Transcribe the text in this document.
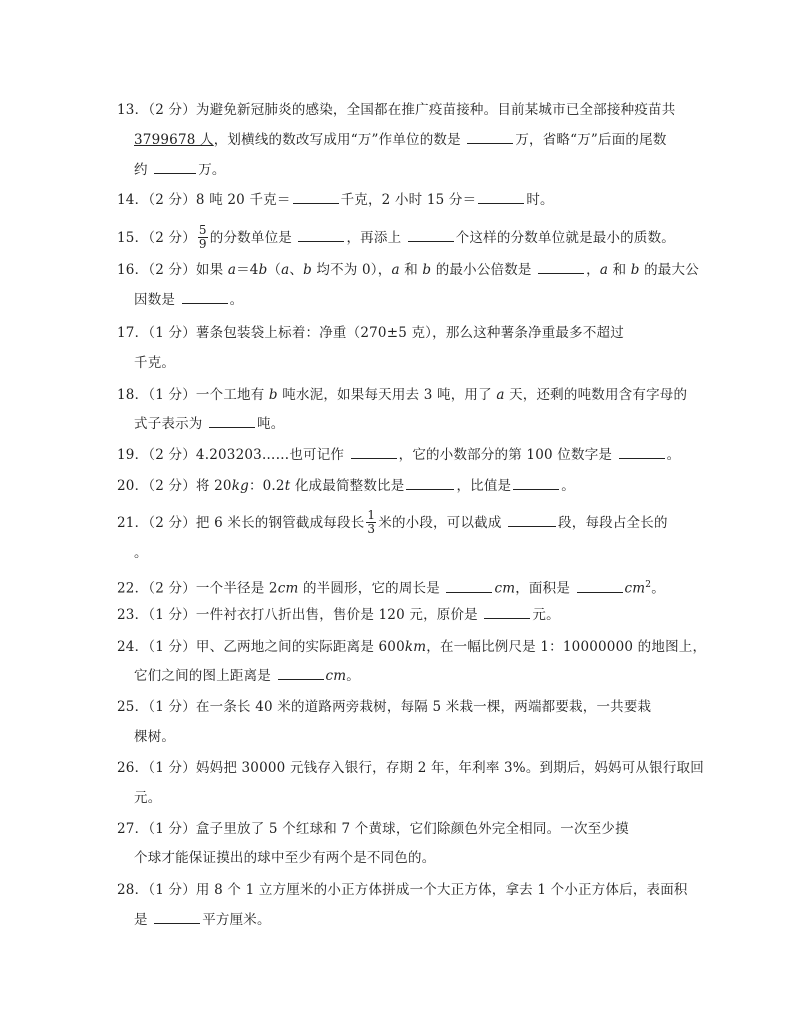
13．（2 分）为避免新冠肺炎的感染，全国都在推广疫苗接种。目前某城市已全部接种疫苗共
3799678 人，划横线的数改写成用“万”作单位的数是	万，省略“万”后面的尾数
约	万。
14．（2 分）8 吨 20 千克＝	千克，2 小时 15 分＝	时。
15．（2 分） $\frac{5}{9}$ 的分数单位是	，再添上	个这样的分数单位就是最小的质数。
16．（2 分）如果 a＝4b（a、b 均不为 0），a 和 b 的最小公倍数是	，a 和 b 的最大公
因数是	。
17．（1 分）薯条包装袋上标着：净重（270±5 克），那么这种薯条净重最多不超过
千克。
18．（1 分）一个工地有 b 吨水泥，如果每天用去 3 吨，用了 a 天，还剩的吨数用含有字母的
式子表示为	吨。
19．（2 分）4.203203……也可记作	，它的小数部分的第 100 位数字是	。
20．（2 分）将 20kg：0.2t 化成最简整数比是	，比值是	。
21．（2 分）把 6 米长的钢管截成每段长 $\frac{1}{3}$ 米的小段，可以截成	段，每段占全长的
。
22．（2 分）一个半径是 2cm 的半圆形，它的周长是	cm，面积是	$cm^2$。
23．（1 分）一件衬衣打八折出售，售价是 120 元，原价是	元。
24．（1 分）甲、乙两地之间的实际距离是 600km，在一幅比例尺是 1：10000000 的地图上，
它们之间的图上距离是	cm。
25．（1 分）在一条长 40 米的道路两旁栽树，每隔 5 米栽一棵，两端都要栽，一共要栽
棵树。
26．（1 分）妈妈把 30000 元钱存入银行，存期 2 年，年利率 3%。到期后，妈妈可从银行取回
元。
27．（1 分）盒子里放了 5 个红球和 7 个黄球，它们除颜色外完全相同。一次至少摸
个球才能保证摸出的球中至少有两个是不同色的。
28．（1 分）用 8 个 1 立方厘米的小正方体拼成一个大正方体，拿去 1 个小正方体后，表面积
是	平方厘米。
